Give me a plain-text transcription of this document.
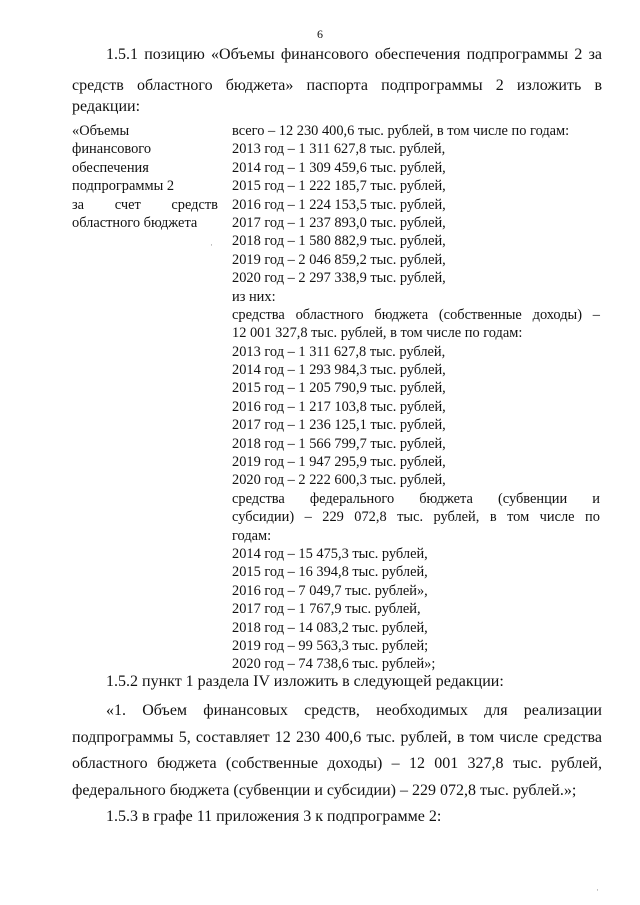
6
1.5.1 позицию «Объемы финансового обеспечения подпрограммы 2 за
средств областного бюджета» паспорта подпрограммы 2 изложить в
редакции:
«Объемы
финансового
обеспечения
подпрограммы 2
за счет средств
областного бюджета
всего – 12 230 400,6 тыс. рублей, в том числе по годам:
2013 год – 1 311 627,8 тыс. рублей,
2014 год – 1 309 459,6 тыс. рублей,
2015 год – 1 222 185,7 тыс. рублей,
2016 год – 1 224 153,5 тыс. рублей,
2017 год – 1 237 893,0 тыс. рублей,
2018 год – 1 580 882,9 тыс. рублей,
2019 год – 2 046 859,2 тыс. рублей,
2020 год – 2 297 338,9 тыс. рублей,
из них:
средства областного бюджета (собственные доходы) –
12 001 327,8 тыс. рублей, в том числе по годам:
2013 год – 1 311 627,8 тыс. рублей,
2014 год – 1 293 984,3 тыс. рублей,
2015 год – 1 205 790,9 тыс. рублей,
2016 год – 1 217 103,8 тыс. рублей,
2017 год – 1 236 125,1 тыс. рублей,
2018 год – 1 566 799,7 тыс. рублей,
2019 год – 1 947 295,9 тыс. рублей,
2020 год – 2 222 600,3 тыс. рублей,
средства федерального бюджета (субвенции и
субсидии) – 229 072,8 тыс. рублей, в том числе по
годам:
2014 год – 15 475,3 тыс. рублей,
2015 год – 16 394,8 тыс. рублей,
2016 год – 7 049,7 тыс. рублей»,
2017 год – 1 767,9 тыс. рублей,
2018 год – 14 083,2 тыс. рублей,
2019 год – 99 563,3 тыс. рублей;
2020 год – 74 738,6 тыс. рублей»;
1.5.2 пункт 1 раздела IV изложить в следующей редакции:
«1. Объем финансовых средств, необходимых для реализации
подпрограммы 5, составляет 12 230 400,6 тыс. рублей, в том числе средства
областного бюджета (собственные доходы) – 12 001 327,8 тыс. рублей,
федерального бюджета (субвенции и субсидии) – 229 072,8 тыс. рублей.»;
1.5.3 в графе 11 приложения 3 к подпрограмме 2:
·
·
